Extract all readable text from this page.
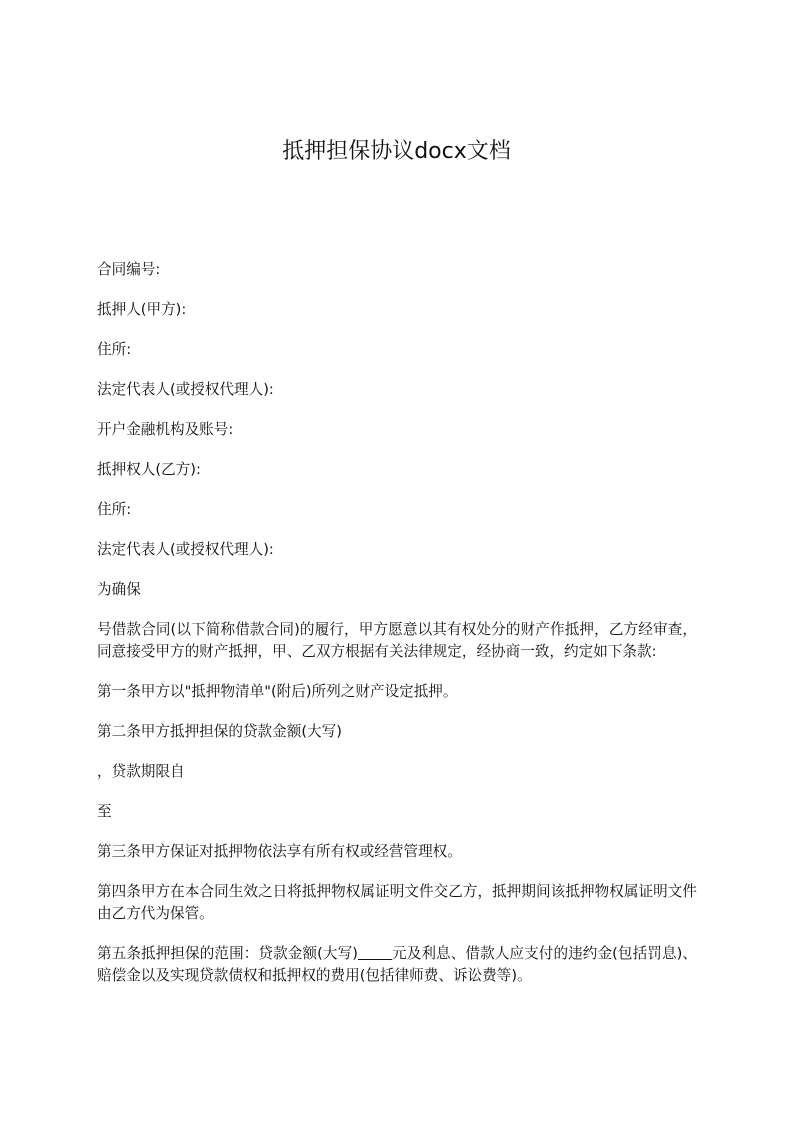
抵押担保协议docx文档

合同编号:

抵押人(甲方):

住所:

法定代表人(或授权代理人):

开户金融机构及账号:

抵押权人(乙方):

住所:

法定代表人(或授权代理人):

为确保

号借款合同(以下简称借款合同)的履行，甲方愿意以其有权处分的财产作抵押，乙方经审查，同意接受甲方的财产抵押，甲、乙双方根据有关法律规定，经协商一致，约定如下条款:

第一条甲方以"抵押物清单"(附后)所列之财产设定抵押。

第二条甲方抵押担保的贷款金额(大写)

，贷款期限自

至

第三条甲方保证对抵押物依法享有所有权或经营管理权。

第四条甲方在本合同生效之日将抵押物权属证明文件交乙方，抵押期间该抵押物权属证明文件由乙方代为保管。

第五条抵押担保的范围：贷款金额(大写) 元及利息、借款人应支付的违约金(包括罚息)、赔偿金以及实现贷款债权和抵押权的费用(包括律师费、诉讼费等)。
